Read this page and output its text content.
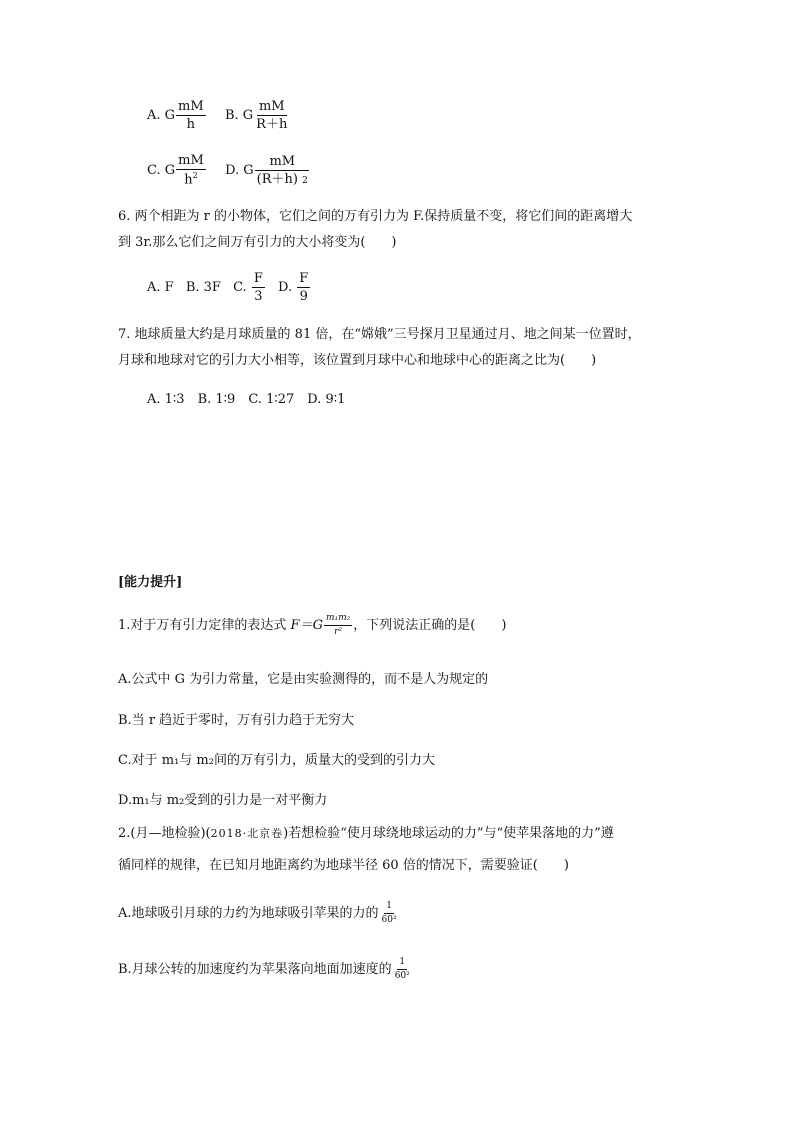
A. G $\frac{mM}{h} B$. G $\frac{mM}{R+h}$
C. G $\frac{mM}{h^2} D$. G $\frac{mM}{(R+h) 2}$
6. 两个相距为 r 的小物体，它们之间的万有引力为 F.保持质量不变，将它们间的距离增大
到 3r.那么它们之间万有引力的大小将变为(　　)
A. F B. 3F C. $\frac{F}{3} D$. $\frac{F}{9}$
7. 地球质量大约是月球质量的 81 倍，在“嫦娥”三号探月卫星通过月、地之间某一位置时，
月球和地球对它的引力大小相等，该位置到月球中心和地球中心的距离之比为(　　)
A. 1∶3　B. 1∶9　C. 1∶27　D. 9∶1
[能力提升]
1.对于万有引力定律的表达式 $F=G \frac{\text{m₁m₂}}{\text{r²}}$ ，下列说法正确的是(　　)
A.公式中 G 为引力常量，它是由实验测得的，而不是人为规定的
B.当 r 趋近于零时，万有引力趋于无穷大
C.对于 m₁与 m₂间的万有引力，质量大的受到的引力大
D.m₁与 m₂受到的引力是一对平衡力
2.(月—地检验)(2018·北京卷)若想检验“使月球绕地球运动的力”与“使苹果落地的力”遵
循同样的规律，在已知月地距离约为地球半径 60 倍的情况下，需要验证(　　)
A.地球吸引月球的力约为地球吸引苹果的力的 $\frac{1}{\text{60²}}$
B.月球公转的加速度约为苹果落向地面加速度的 $\frac{1}{\text{60²}}$
